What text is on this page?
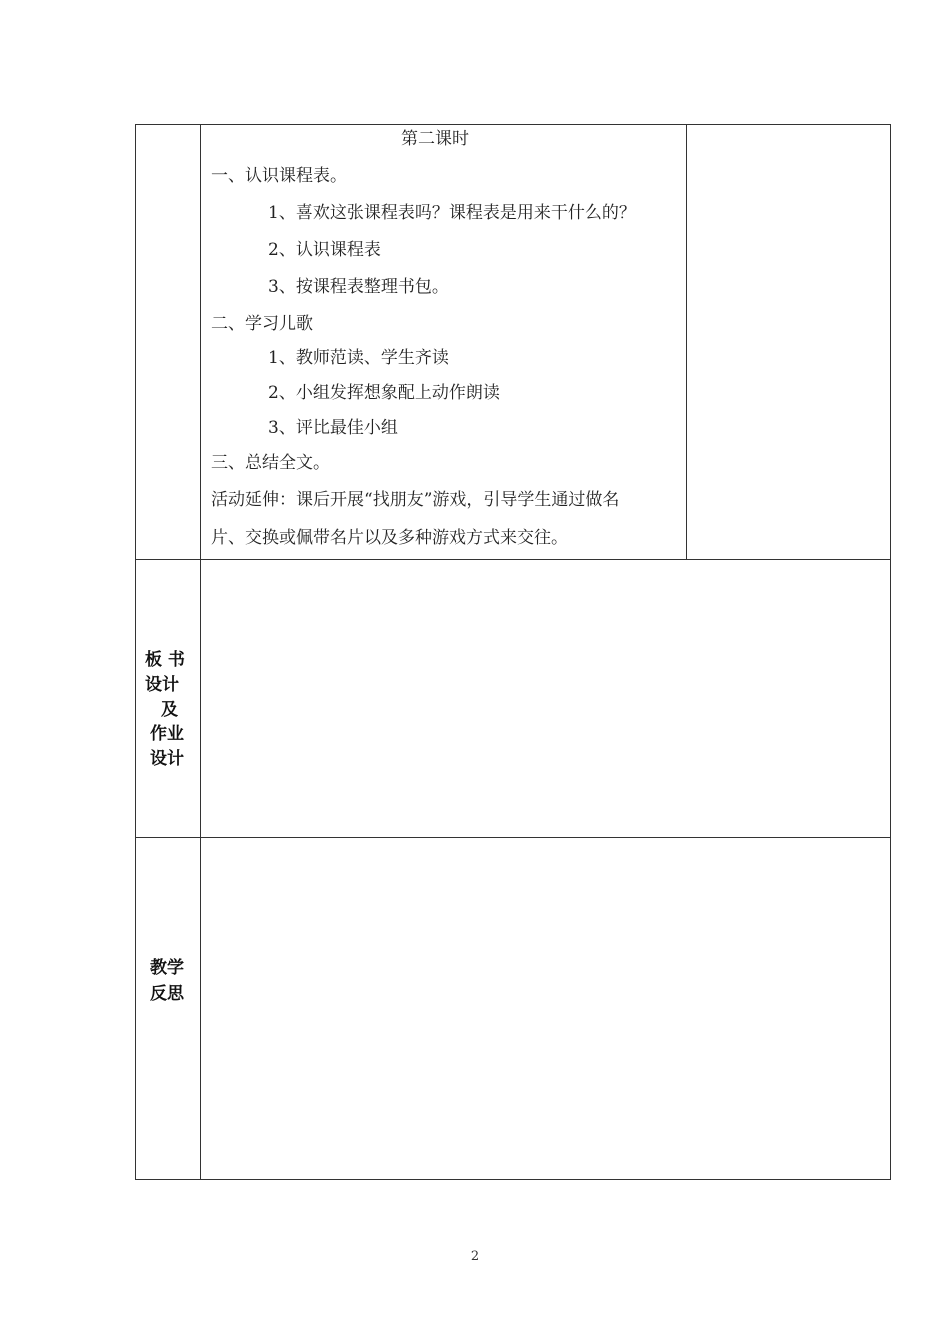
第二课时
一、认识课程表。
1、喜欢这张课程表吗？课程表是用来干什么的？
2、认识课程表
3、按课程表整理书包。
二、学习儿歌
1、教师范读、学生齐读
2、小组发挥想象配上动作朗读
3、评比最佳小组
三、总结全文。
活动延伸：课后开展“找朋友”游戏，引导学生通过做名
片、交换或佩带名片以及多种游戏方式来交往。
板 书
设计
及
作业
设计
教学
反思
2
